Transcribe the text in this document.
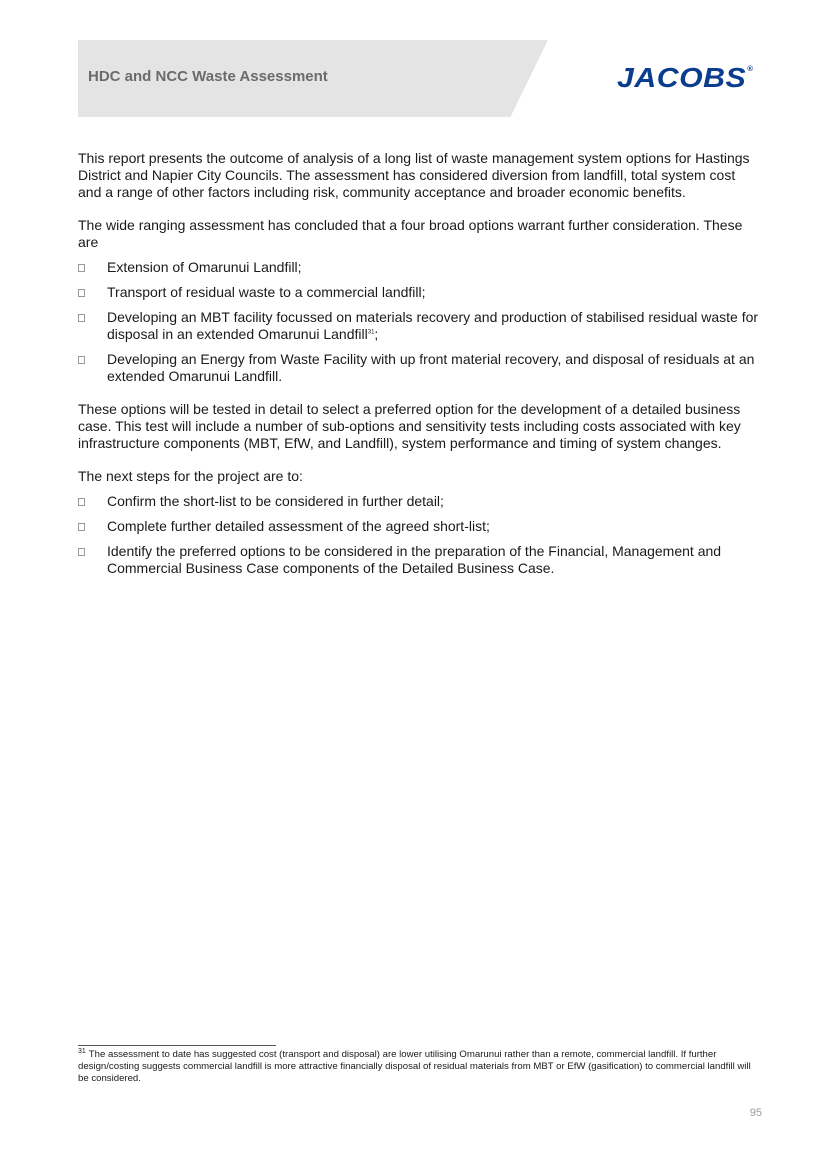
HDC and NCC Waste Assessment	JACOBS®

This report presents the outcome of analysis of a long list of waste management system options for Hastings District and Napier City Councils. The assessment has considered diversion from landfill, total system cost and a range of other factors including risk, community acceptance and broader economic benefits.

The wide ranging assessment has concluded that a four broad options warrant further consideration. These are

Extension of Omarunui Landfill;
Transport of residual waste to a commercial landfill;
Developing an MBT facility focussed on materials recovery and production of stabilised residual waste for disposal in an extended Omarunui Landfill$^{31}$;
Developing an Energy from Waste Facility with up front material recovery, and disposal of residuals at an extended Omarunui Landfill.

These options will be tested in detail to select a preferred option for the development of a detailed business case. This test will include a number of sub-options and sensitivity tests including costs associated with key infrastructure components (MBT, EfW, and Landfill), system performance and timing of system changes.

The next steps for the project are to:

Confirm the short-list to be considered in further detail;
Complete further detailed assessment of the agreed short-list;
Identify the preferred options to be considered in the preparation of the Financial, Management and Commercial Business Case components of the Detailed Business Case.
$^{31}$ The assessment to date has suggested cost (transport and disposal) are lower utilising Omarunui rather than a remote, commercial landfill. If further design/costing suggests commercial landfill is more attractive financially disposal of residual materials from MBT or EfW (gasification) to commercial landfill will be considered.
95
